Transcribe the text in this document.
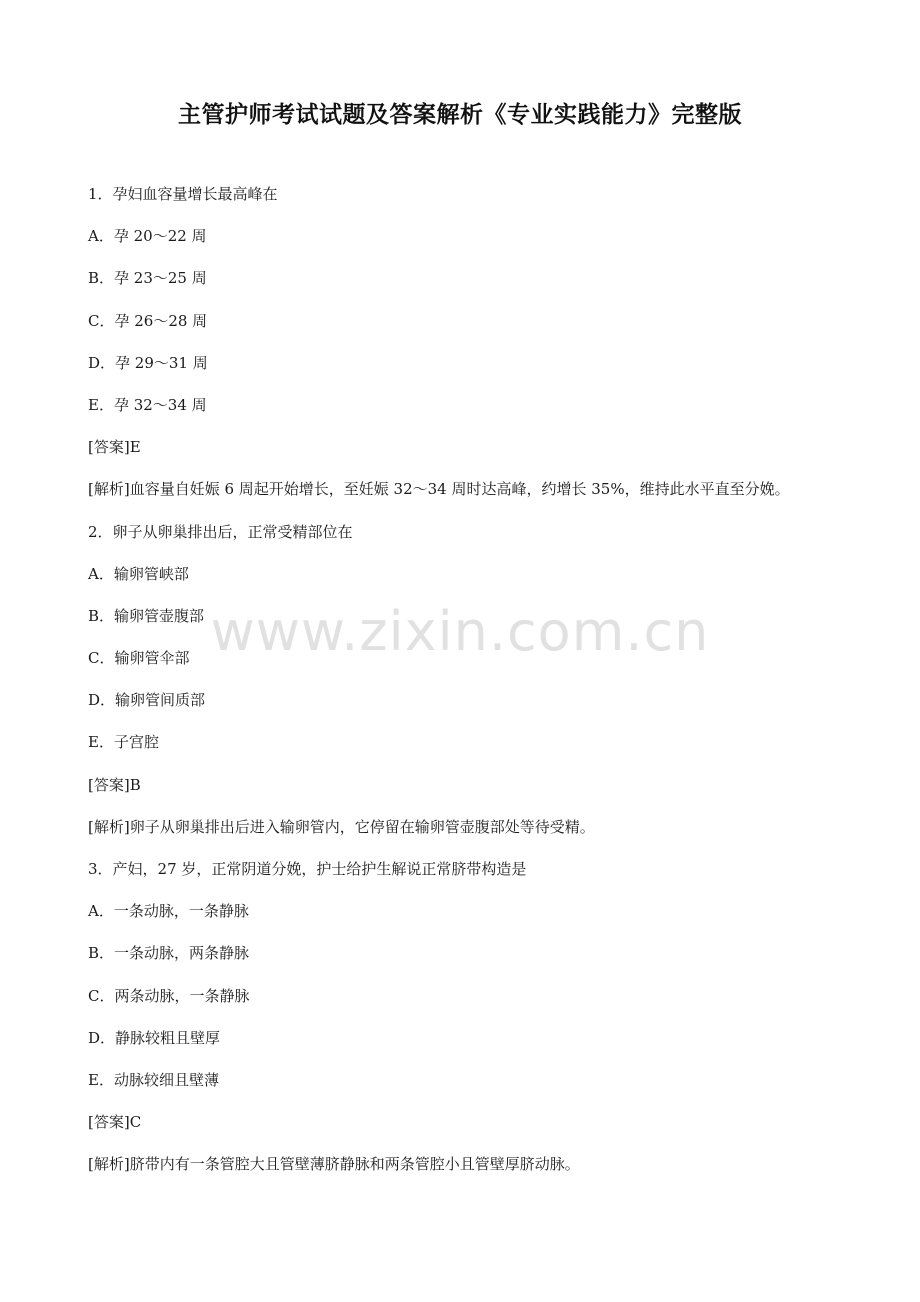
主管护师考试试题及答案解析《专业实践能力》完整版
www.zixin.com.cn
1．孕妇血容量增长最高峰在
A．孕 20～22 周
B．孕 23～25 周
C．孕 26～28 周
D．孕 29～31 周
E．孕 32～34 周
[答案]E
[解析]血容量自妊娠 6 周起开始增长，至妊娠 32～34 周时达高峰，约增长 35%，维持此水平直至分娩。
2．卵子从卵巢排出后，正常受精部位在
A．输卵管峡部
B．输卵管壶腹部
C．输卵管伞部
D．输卵管间质部
E．子宫腔
[答案]B
[解析]卵子从卵巢排出后进入输卵管内，它停留在输卵管壶腹部处等待受精。
3．产妇，27 岁，正常阴道分娩，护士给护生解说正常脐带构造是
A．一条动脉，一条静脉
B．一条动脉，两条静脉
C．两条动脉，一条静脉
D．静脉较粗且壁厚
E．动脉较细且壁薄
[答案]C
[解析]脐带内有一条管腔大且管壁薄脐静脉和两条管腔小且管壁厚脐动脉。
